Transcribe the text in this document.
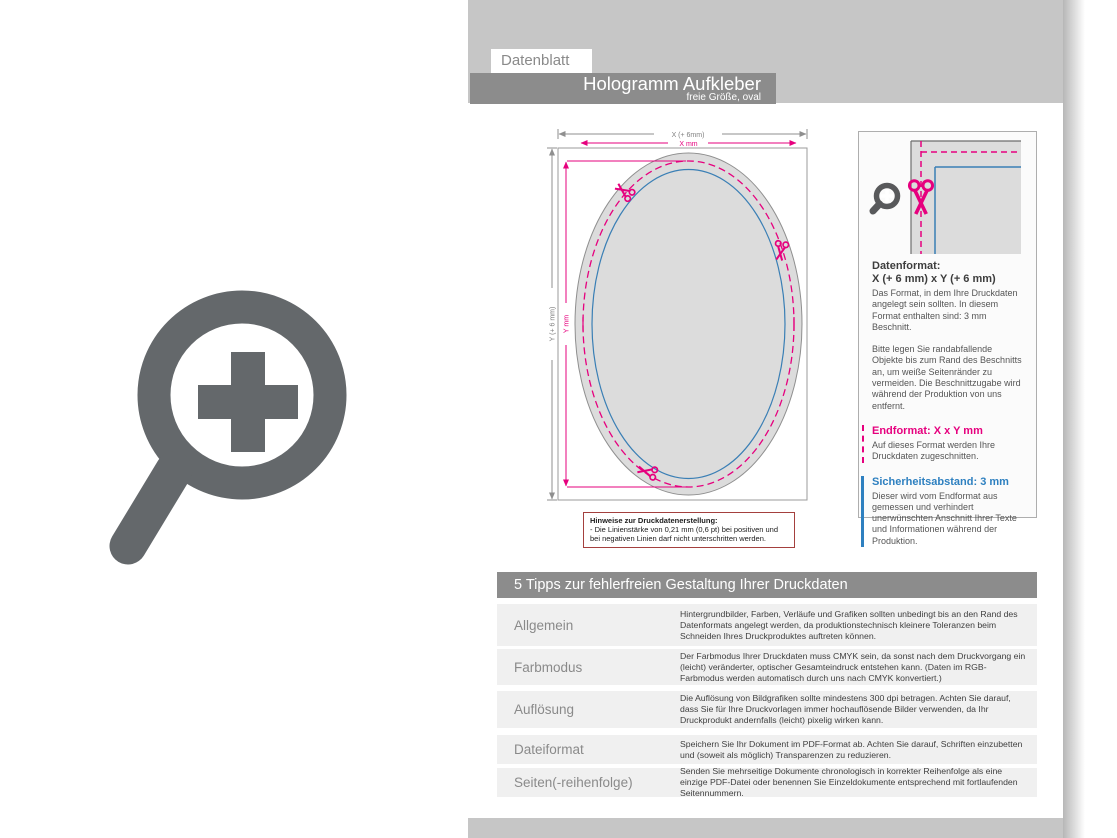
Datenblatt
Hologramm Aufkleber
freie Größe, oval
X (+ 6mm)
X mm
Y (+ 6 mm) Y mm
Hinweise zur Druckdatenerstellung:
- Die Linienstärke von 0,21 mm (0,6 pt) bei positiven und bei negativen Linien darf nicht unterschritten werden.
Datenformat:
X (+ 6 mm) x Y (+ 6 mm)

Das Format, in dem Ihre Druckdaten angelegt sein sollten. In diesem Format enthalten sind: 3 mm Beschnitt.

Bitte legen Sie randabfallende Objekte bis zum Rand des Beschnitts an, um weiße Seitenränder zu vermeiden. Die Beschnittzugabe wird während der Produktion von uns entfernt.

Endformat: X x Y mm

Auf dieses Format werden Ihre Druckdaten zugeschnitten.

Sicherheitsabstand: 3 mm

Dieser wird vom Endformat aus gemessen und verhindert unerwünschten Anschnitt Ihrer Texte und Informationen während der Produktion.

5 Tipps zur fehlerfreien Gestaltung Ihrer Druckdaten
Allgemein
Hintergrundbilder, Farben, Verläufe und Grafiken sollten unbedingt bis an den Rand des Datenformats angelegt werden, da produktionstechnisch kleinere Toleranzen beim Schneiden Ihres Druckproduktes auftreten können.
Farbmodus
Der Farbmodus Ihrer Druckdaten muss CMYK sein, da sonst nach dem Druckvorgang ein (leicht) veränderter, optischer Gesamteindruck entstehen kann. (Daten im RGB-Farbmodus werden automatisch durch uns nach CMYK konvertiert.)
Auflösung
Die Auflösung von Bildgrafiken sollte mindestens 300 dpi betragen. Achten Sie darauf, dass Sie für Ihre Druckvorlagen immer hochauflösende Bilder verwenden, da Ihr Druckprodukt andernfalls (leicht) pixelig wirken kann.
Dateiformat	Speichern Sie Ihr Dokument im PDF-Format ab. Achten Sie darauf, Schriften einzubetten und (soweit als möglich) Transparenzen zu reduzieren.
Seiten(-reihenfolge)
Senden Sie mehrseitige Dokumente chronologisch in korrekter Reihenfolge als eine einzige PDF-Datei oder benennen Sie Einzeldokumente entsprechend mit fortlaufenden Seitennummern.
